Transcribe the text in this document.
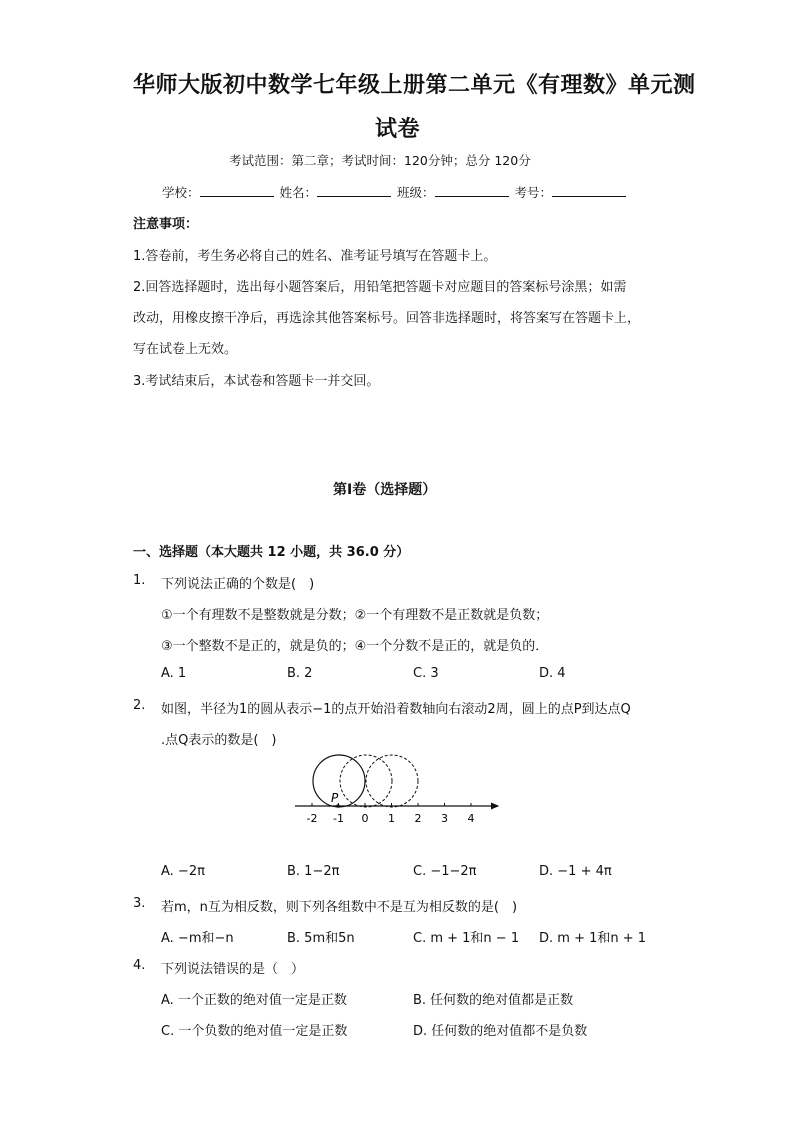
华师大版初中数学七年级上册第二单元《有理数》单元测
试卷
考试范围：第二章；考试时间：120分钟；总分 120分
学校：	姓名：	班级：	考号：
注意事项：
1.答卷前，考生务必将自己的姓名、准考证号填写在答题卡上。
2.回答选择题时，选出每小题答案后，用铅笔把答题卡对应题目的答案标号涂黑；如需
改动，用橡皮擦干净后，再选涂其他答案标号。回答非选择题时，将答案写在答题卡上，
写在试卷上无效。
3.考试结束后，本试卷和答题卡一并交回。
第Ⅰ卷（选择题）
一、选择题（本大题共 12 小题，共 36.0 分）
1. 下列说法正确的个数是(　)
①一个有理数不是整数就是分数；②一个有理数不是正数就是负数；
③一个整数不是正的，就是负的；④一个分数不是正的，就是负的．
A. 1	B. 2	C. 3	D. 4
2. 如图，半径为1的圆从表示−1的点开始沿着数轴向右滚动2周，圆上的点P到达点Q
.点Q表示的数是(　)
P
-2 -1 0 1 2 3 4
A. −2π	B. 1−2π	C. −1−2π	D. −1 + 4π
3. 若m，n互为相反数，则下列各组数中不是互为相反数的是(　)
A. −m和−n	B. 5m和5n	C. m + 1和n − 1 D. m + 1和n + 1
4. 下列说法错误的是（　）
A. 一个正数的绝对值一定是正数	B. 任何数的绝对值都是正数
C. 一个负数的绝对值一定是正数	D. 任何数的绝对值都不是负数
